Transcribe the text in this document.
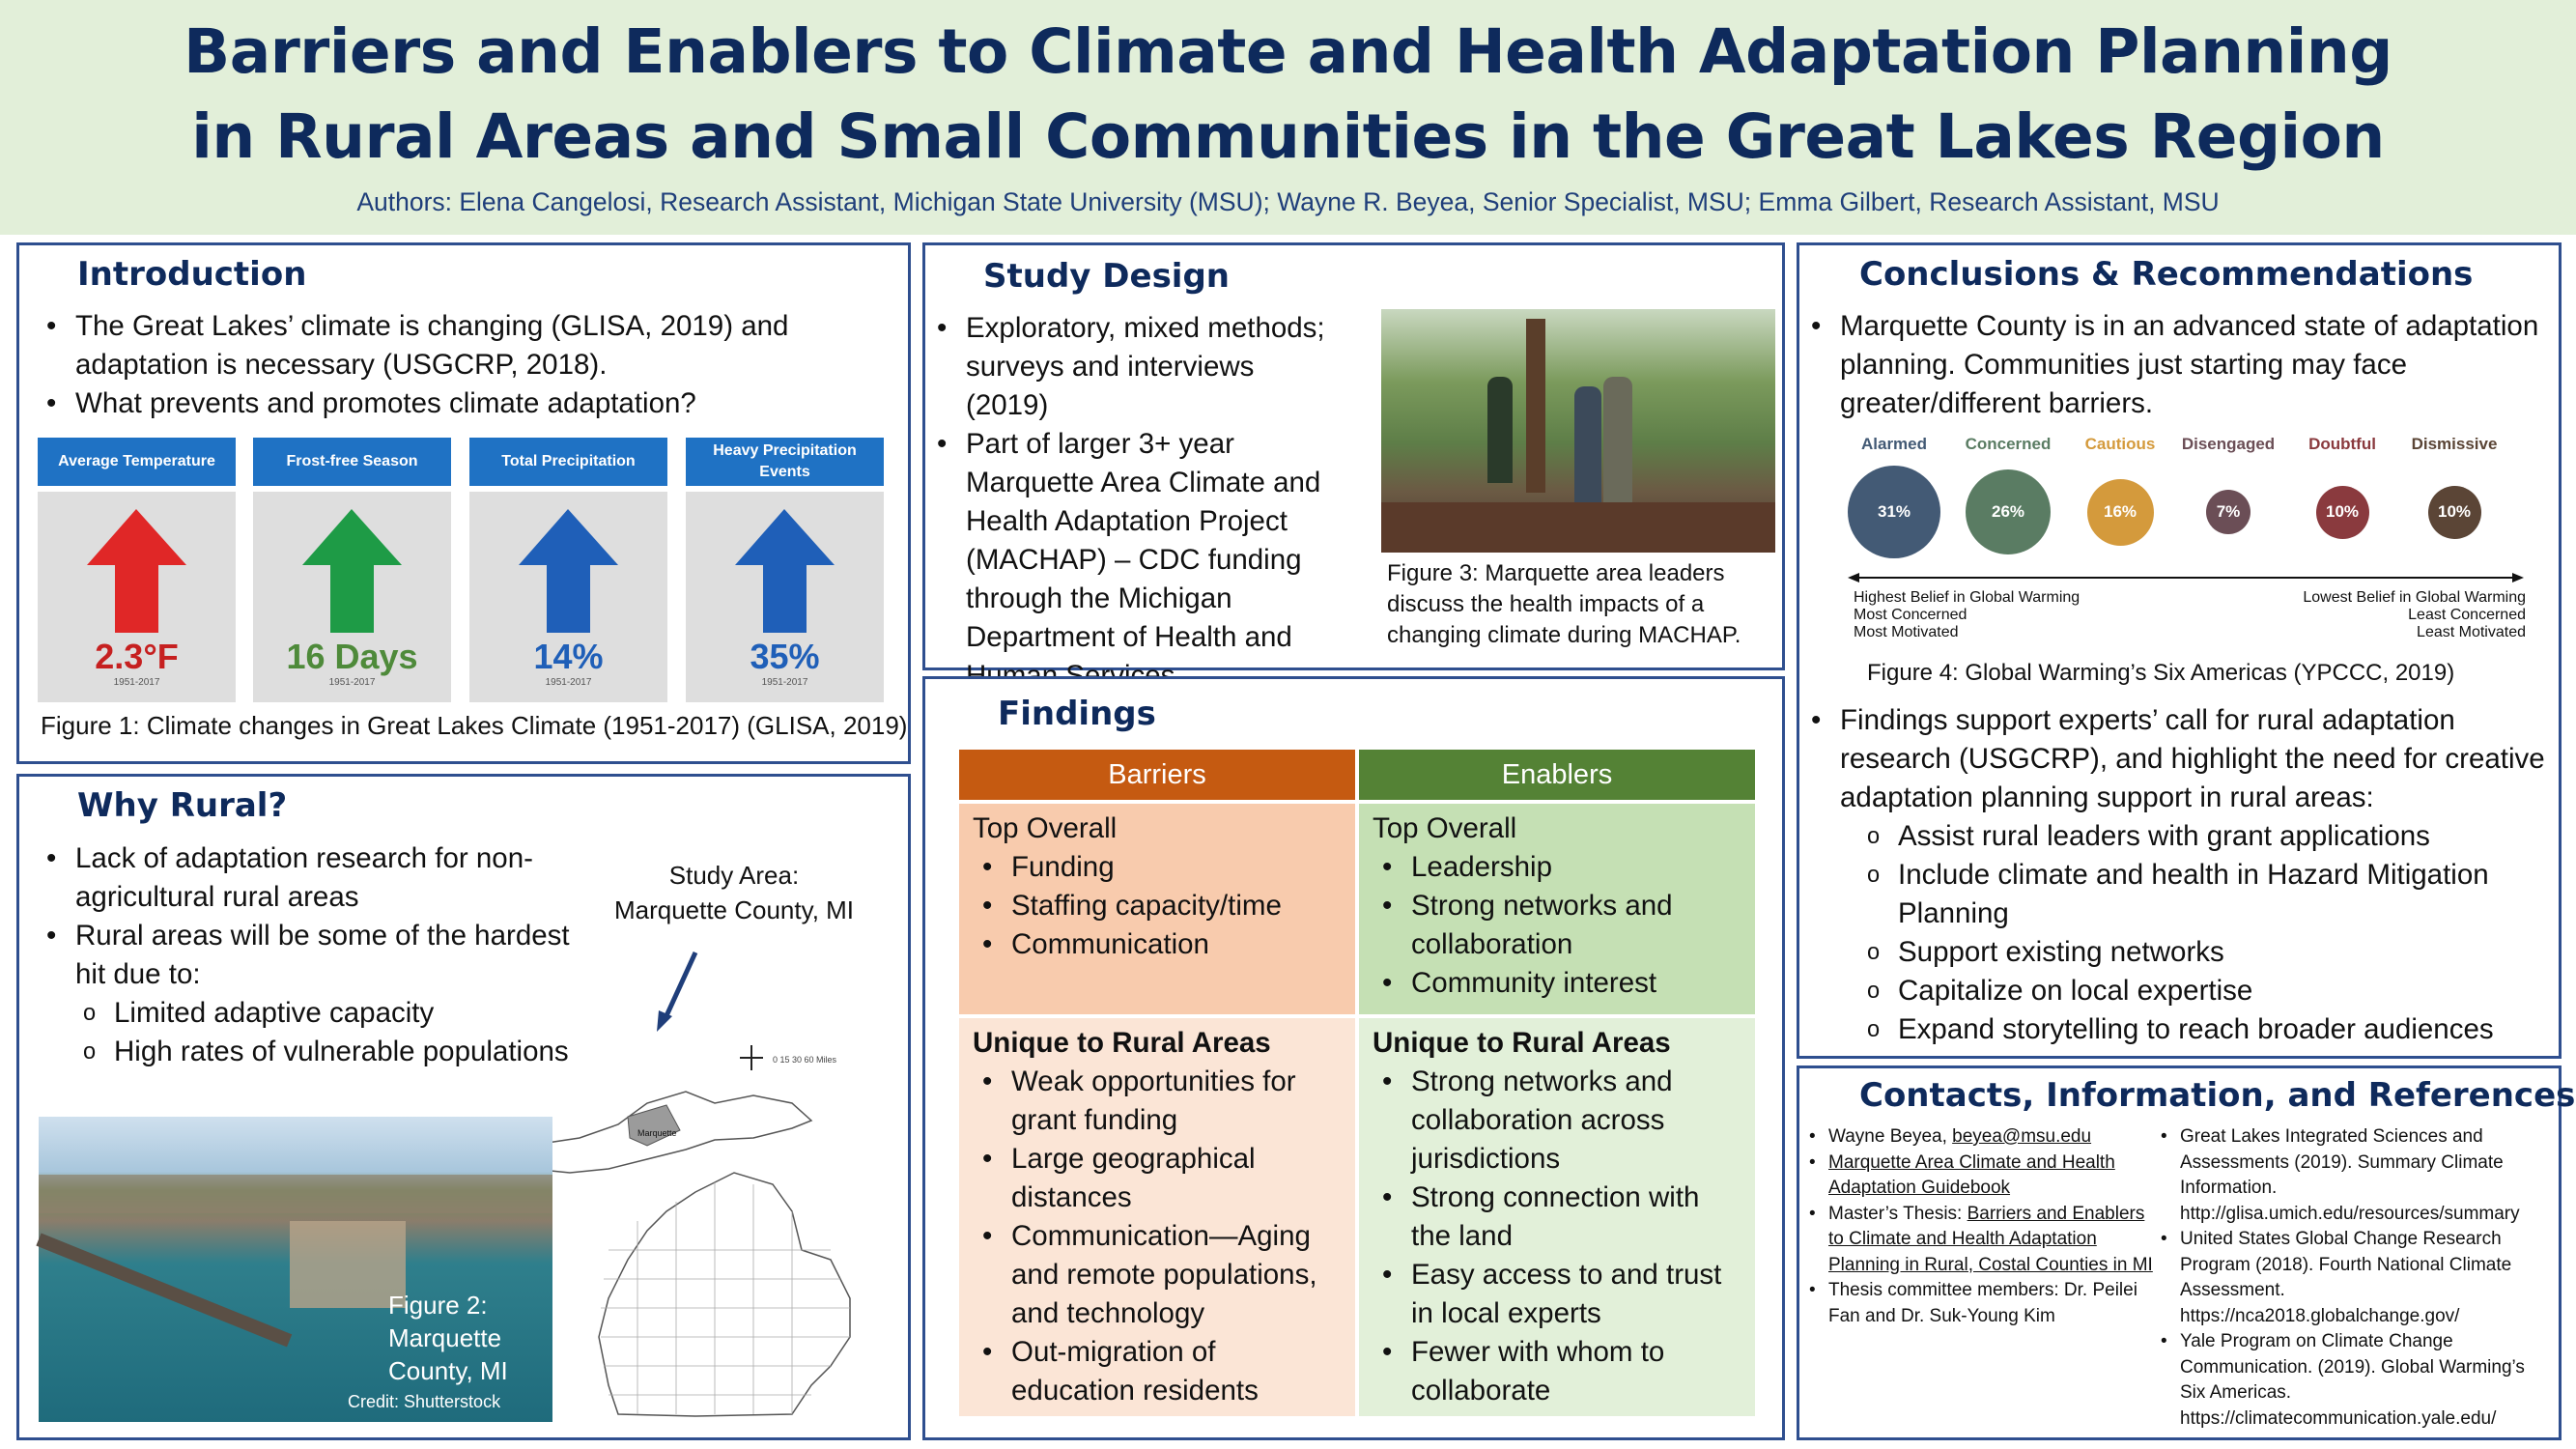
Barriers and Enablers to Climate and Health Adaptation Planning
in Rural Areas and Small Communities in the Great Lakes Region
Authors: Elena Cangelosi, Research Assistant, Michigan State University (MSU); Wayne R. Beyea, Senior Specialist, MSU; Emma Gilbert, Research Assistant, MSU
Introduction
• The Great Lakes’ climate is changing (GLISA, 2019) and adaptation is necessary (USGCRP, 2018).
• What prevents and promotes climate adaptation?
Figure 1: Climate changes in Great Lakes Climate (1951-2017) (GLISA, 2019)
Average Temperature
2.3°F
1951-2017
Frost-free Season
16 Days
1951-2017
Total Precipitation
14%
1951-2017
Heavy Precipitation Events
35%
1951-2017
Why Rural?
• Lack of adaptation research for non-agricultural rural areas
• Rural areas will be some of the hardest hit due to:
o Limited adaptive capacity
o High rates of vulnerable populations
Study Area:
Marquette County, MI
Marquette
0 15 30 60 Miles
Figure 2: Marquette County, MI
Credit: Shutterstock
Study Design
• Exploratory, mixed methods; surveys and interviews (2019)
• Part of larger 3+ year Marquette Area Climate and Health Adaptation Project (MACHAP) – CDC funding through the Michigan Department of Health and
Figure 3: Marquette area leaders discuss the health impacts of a changing climate during MACHAP.
Findings
Barriers
Top Overall
• Funding
• Staffing capacity/time
• Communication
Unique to Rural Areas
• Weak opportunities for grant funding
• Large geographical distances
• Communication—Aging and remote populations, and technology
• Out-migration of education residents
Enablers
Top Overall
• Leadership
• Strong networks and collaboration
• Community interest
Unique to Rural Areas
• Strong networks and collaboration across jurisdictions
• Strong connection with the land
• Easy access to and trust in local experts
• Fewer with whom to collaborate
Conclusions & Recommendations
• Marquette County is in an advanced state of adaptation planning. Communities just starting may face greater/different barriers.
Alarmed
31%
Concerned
26%
Cautious
16%
Disengaged
7%
Doubtful
10%
Dismissive
10%
Highest Belief in Global Warming
Most Concerned
Most Motivated
Lowest Belief in Global Warming
Least Concerned
Least Motivated
Figure 4: Global Warming’s Six Americas (YPCCC, 2019)
• Findings support experts’ call for rural adaptation research (USGCRP), and highlight the need for creative adaptation planning support in rural areas:
o Assist rural leaders with grant applications
o Include climate and health in Hazard Mitigation Planning
o Support existing networks
o Capitalize on local expertise
o Expand storytelling to reach broader audiences
Contacts, Information, and References
• Wayne Beyea, beyea@msu.edu
• Marquette Area Climate and Health Adaptation Guidebook
• Master’s Thesis: Barriers and Enablers to Climate and Health Adaptation Planning in Rural, Costal Counties in MI
• Thesis committee members: Dr. Peilei Fan and Dr. Suk-Young Kim
• Great Lakes Integrated Sciences and Assessments (2019). Summary Climate Information. http://glisa.umich.edu/resources/summary
• United States Global Change Research Program (2018). Fourth National Climate Assessment. https://nca2018.globalchange.gov/
• Yale Program on Climate Change Communication. (2019). Global Warming’s Six Americas. https://climatecommunication.yale.edu/
